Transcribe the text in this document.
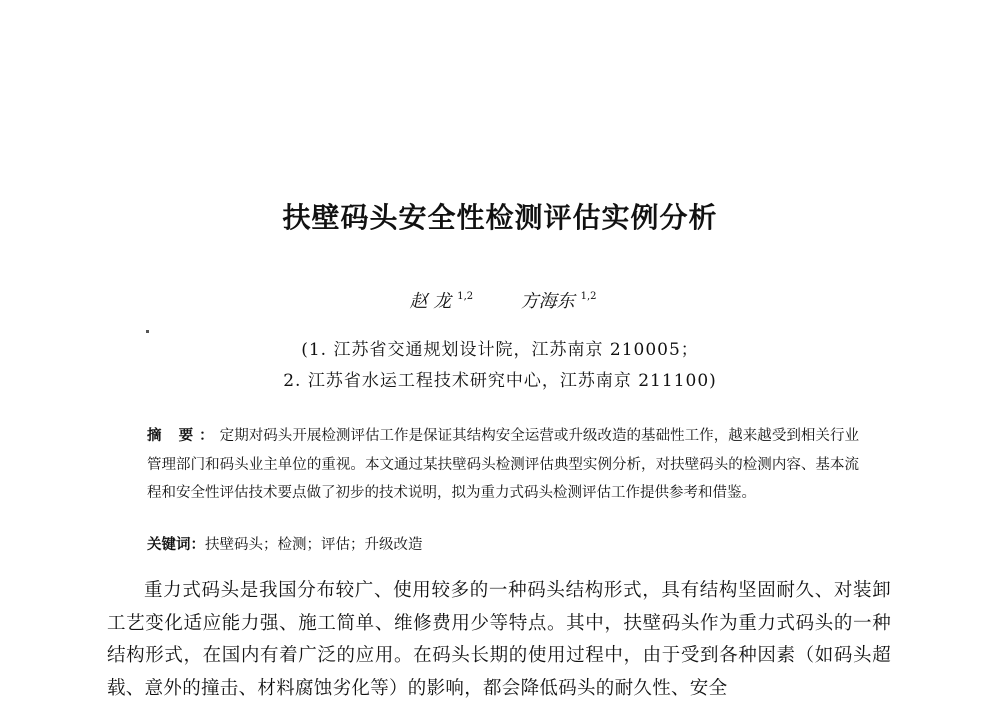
扶壁码头安全性检测评估实例分析
赵 龙 $^{1,2}$	方海东 $^{1,2}$
(1. 江苏省交通规划设计院，江苏南京 210005；
2. 江苏省水运工程技术研究中心，江苏南京 211100)
摘 要：定期对码头开展检测评估工作是保证其结构安全运营或升级改造的基础性工作，越来越受到相关行业管理部门和码头业主单位的重视。本文通过某扶壁码头检测评估典型实例分析，对扶壁码头的检测内容、基本流程和安全性评估技术要点做了初步的技术说明，拟为重力式码头检测评估工作提供参考和借鉴。
关键词：扶壁码头；检测；评估；升级改造
重力式码头是我国分布较广、使用较多的一种码头结构形式，具有结构坚固耐久、对装卸工艺变化适应能力强、施工简单、维修费用少等特点。其中，扶壁码头作为重力式码头的一种结构形式，在国内有着广泛的应用。在码头长期的使用过程中，由于受到各种因素（如码头超载、意外的撞击、材料腐蚀劣化等）的影响，都会降低码头的耐久性、安全
